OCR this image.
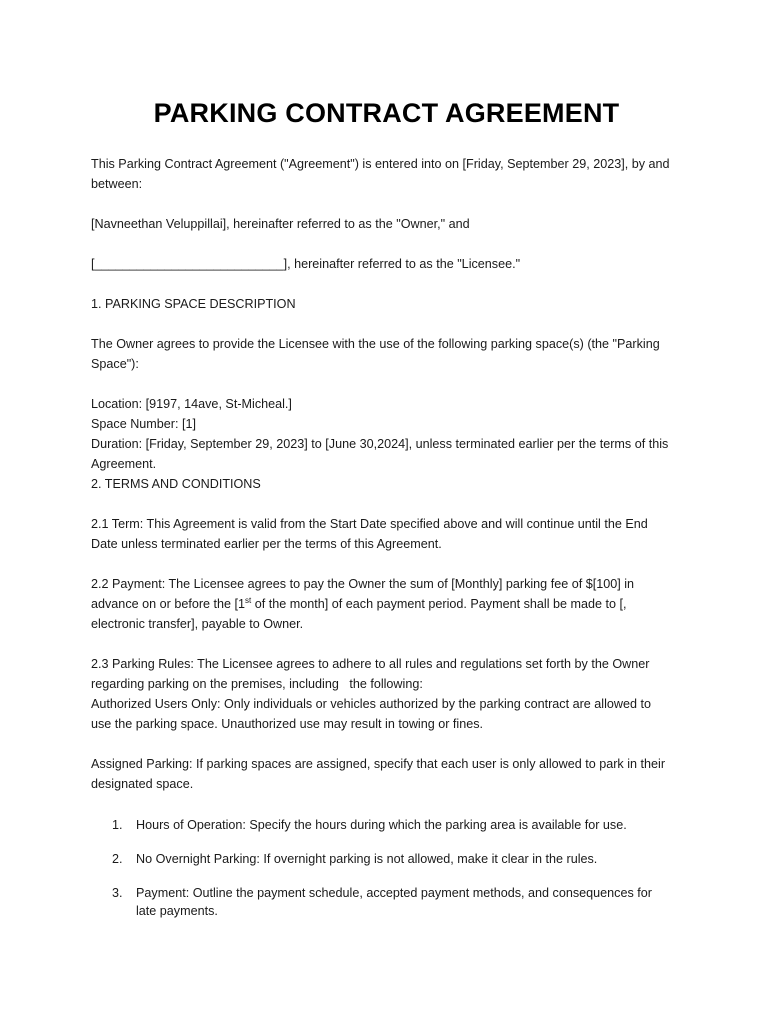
PARKING CONTRACT AGREEMENT

This Parking Contract Agreement ("Agreement") is entered into on [Friday, September 29, 2023], by and

between:

[Navneethan Veluppillai], hereinafter referred to as the "Owner," and

[___________________________], hereinafter referred to as the "Licensee."

1. PARKING SPACE DESCRIPTION

The Owner agrees to provide the Licensee with the use of the following parking space(s) (the "Parking

Space"):

Location: [9197, 14ave, St-Micheal.]

Space Number: [1]

Duration: [Friday, September 29, 2023] to [June 30,2024], unless terminated earlier per the terms of this

Agreement.

2. TERMS AND CONDITIONS

2.1 Term: This Agreement is valid from the Start Date specified above and will continue until the End

Date unless terminated earlier per the terms of this Agreement.

2.2 Payment: The Licensee agrees to pay the Owner the sum of [Monthly] parking fee of $[100] in

advance on or before the [1st of the month] of each payment period. Payment shall be made to [,

electronic transfer], payable to Owner.

2.3 Parking Rules: The Licensee agrees to adhere to all rules and regulations set forth by the Owner

regarding parking on the premises, including   the following:

Authorized Users Only: Only individuals or vehicles authorized by the parking contract are allowed to

use the parking space. Unauthorized use may result in towing or fines.

Assigned Parking: If parking spaces are assigned, specify that each user is only allowed to park in their

designated space.

1. Hours of Operation: Specify the hours during which the parking area is available for use.
2. No Overnight Parking: If overnight parking is not allowed, make it clear in the rules.
3. Payment: Outline the payment schedule, accepted payment methods, and consequences for
late payments.
